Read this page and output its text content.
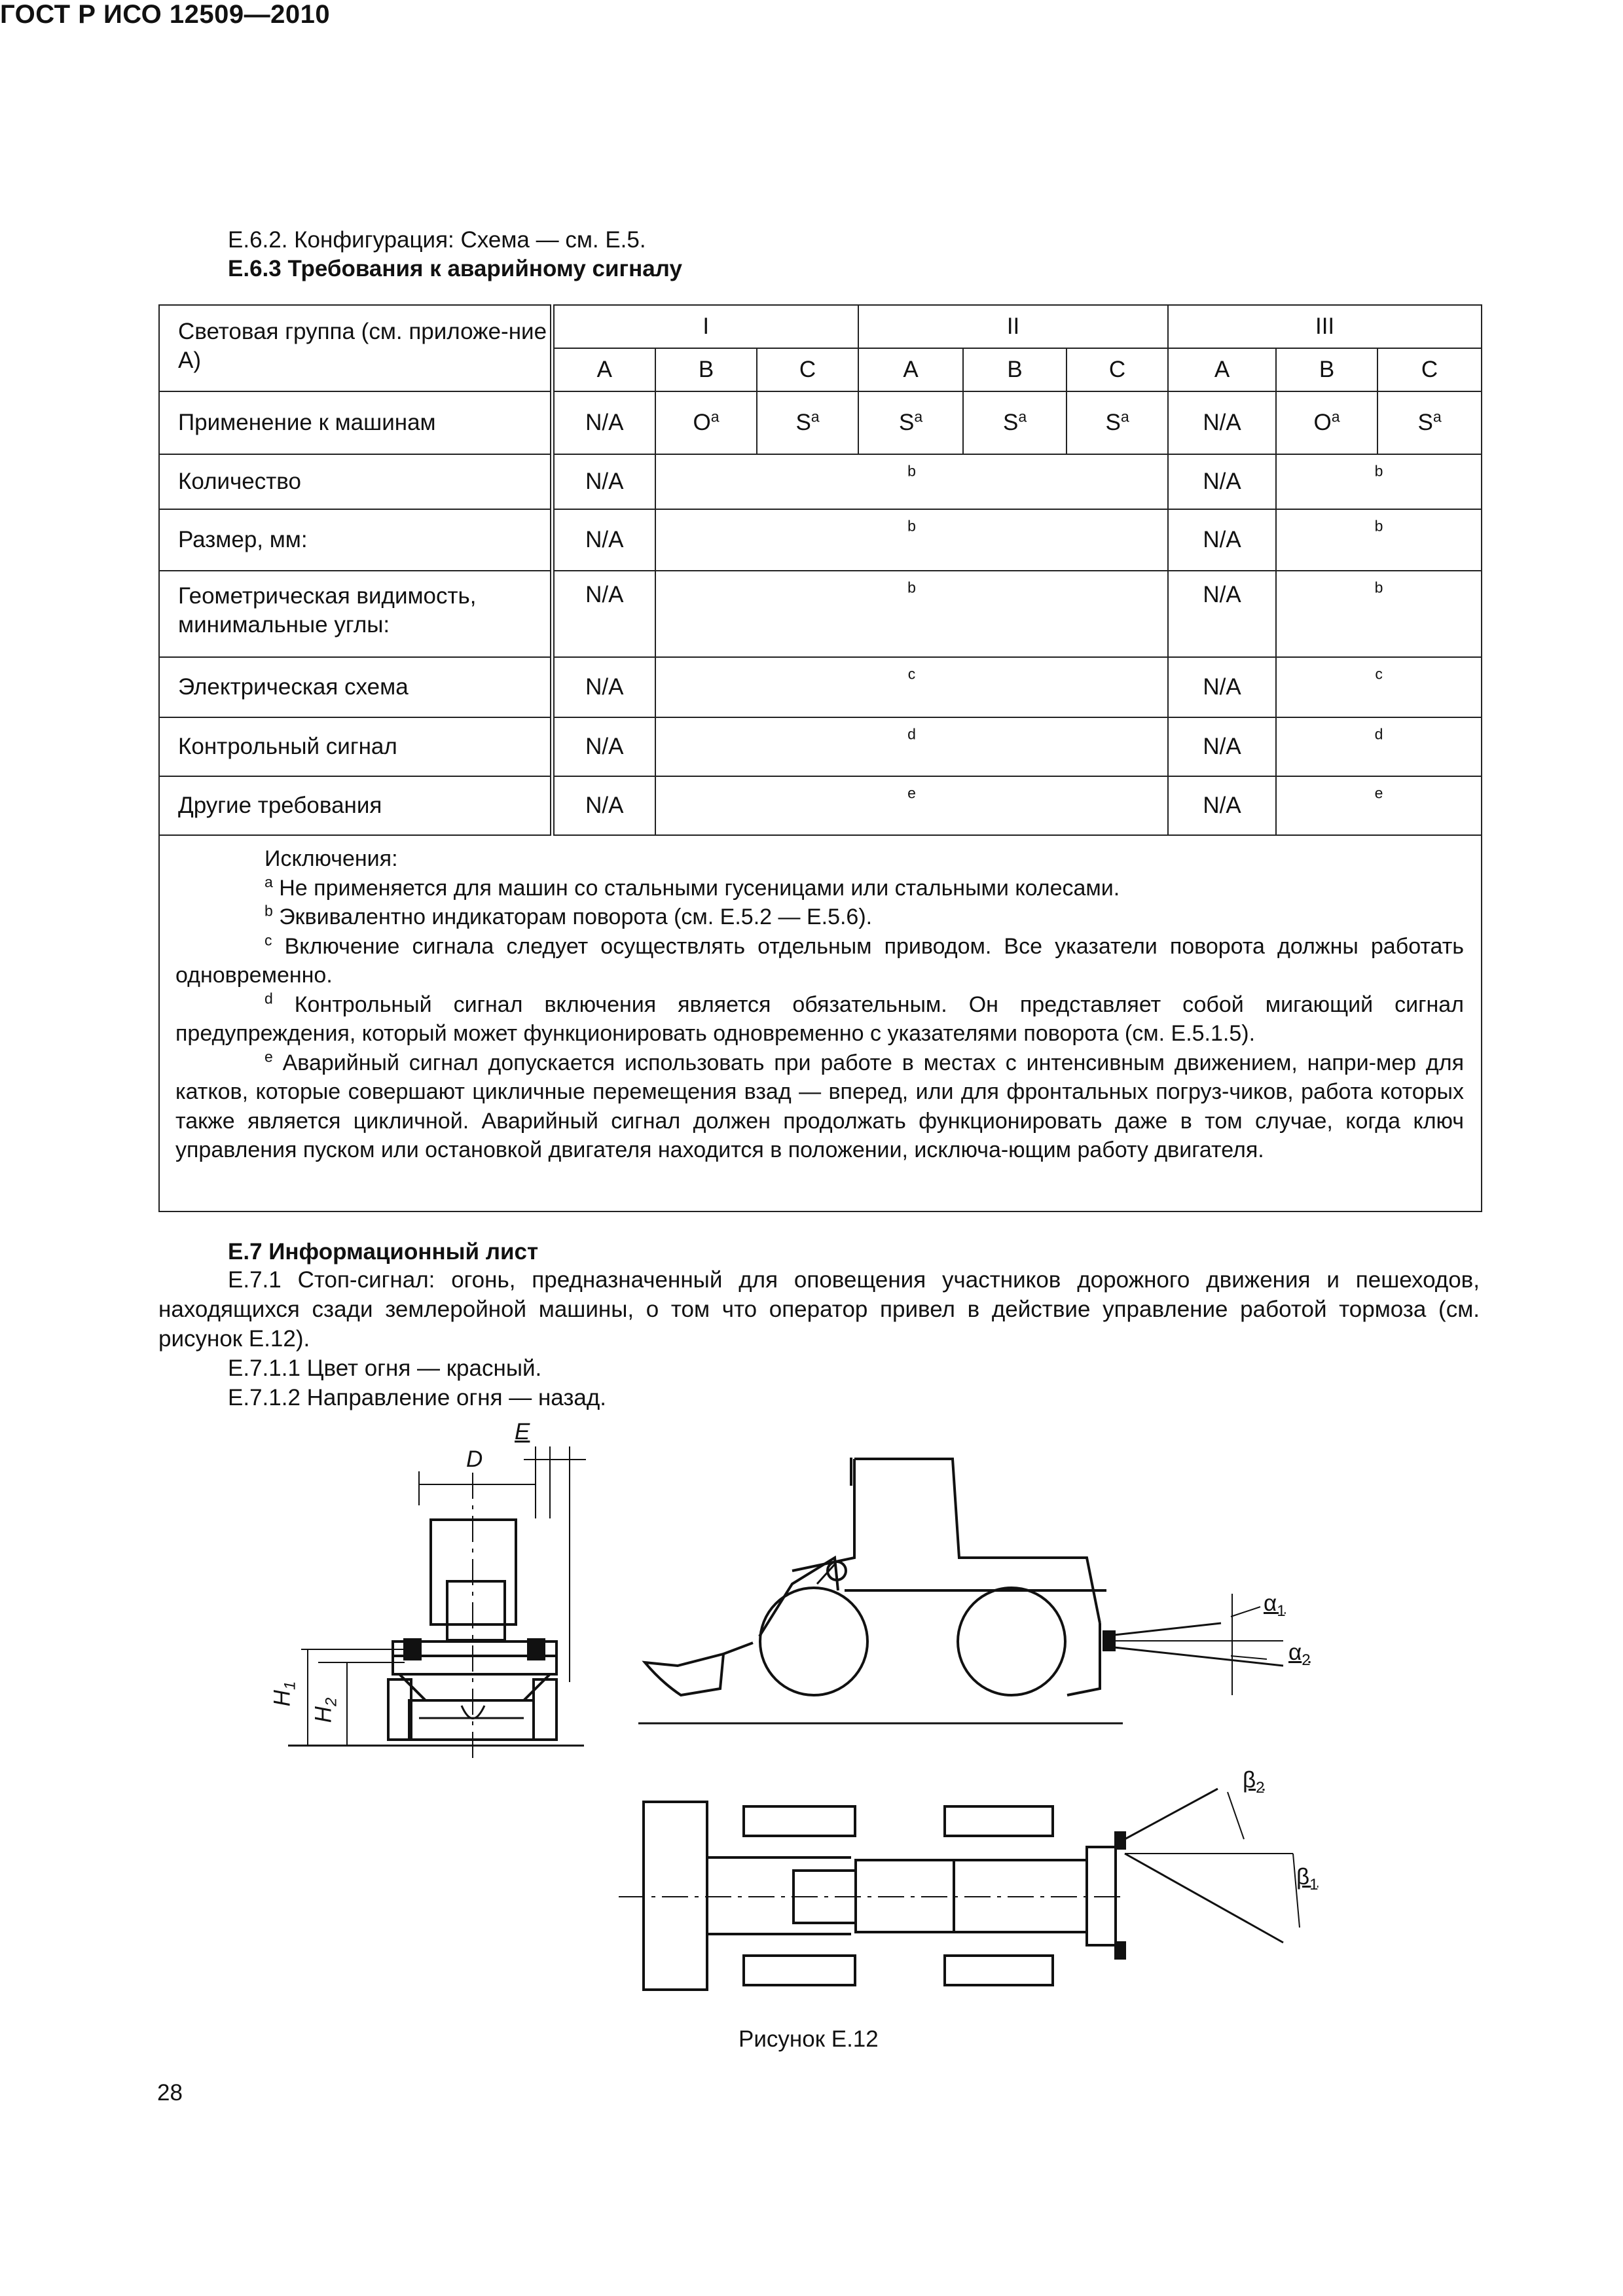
ГОСТ Р ИСО 12509—2010
Е.6.2. Конфигурация: Схема — см. Е.5.
Е.6.3 Требования к аварийному сигналу
Световая группа (см. приложе-ние А)	I			II			III		
	A	B	C	A	B	C	A	B	C
Применение к машинам	N/A	$O^a$	$S^a$	$S^a$	$S^a$	$S^a$	N/A	$O^a$	$S^a$
Количество	N/A	$^b$					N/A	$^b$
Размер, мм:	N/A	$^b$					N/A	$^b$
Геометрическая видимость, минимальные углы:	N/A	$^b$					N/A	$^b$
Электрическая схема	N/A	$^c$					N/A	$^c$
Контрольный сигнал	N/A	$^d$					N/A	$^d$
Другие требования	N/A	$^e$					N/A	$^e$
Исключения:
$^a$ Не применяется для машин со стальными гусеницами или стальными колесами.
$^b$ Эквивалентно индикаторам поворота (см. Е.5.2 — Е.5.6).
$^c$ Включение сигнала следует осуществлять отдельным приводом. Все указатели поворота должны работать одновременно.
$^d$ Контрольный сигнал включения является обязательным. Он представляет собой мигающий сигнал предупреждения, который может функционировать одновременно с указателями поворота (см. Е.5.1.5).
$^e$ Аварийный сигнал допускается использовать при работе в местах с интенсивным движением, напри-мер для катков, которые совершают цикличные перемещения взад — вперед, или для фронтальных погруз-чиков, работа которых также является цикличной. Аварийный сигнал должен продолжать функционировать даже в том случае, когда ключ управления пуском или остановкой двигателя находится в положении, исключа-ющим работу двигателя.
Е.7 Информационный лист
Е.7.1 Стоп-сигнал: огонь, предназначенный для оповещения участников дорожного движения и пешеходов, находящихся сзади землеройной машины, о том что оператор привел в действие управление работой тормоза (см. рисунок Е.12).
Е.7.1.1 Цвет огня — красный.
Е.7.1.2 Направление огня — назад.
D
E
$H_1$
$H_2$
$\alpha_1$
$\alpha_2$
$\beta_2$
$\beta_1$
Рисунок Е.12
28
